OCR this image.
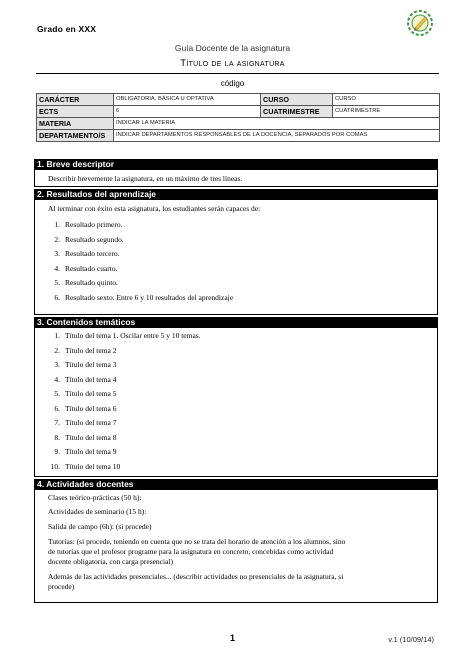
Grado en XXX
Guía Docente de la asignatura
Título de la asignatura
código
CARÁCTER	OBLIGATORIA, BÁSICA U OPTATIVA	CURSO	CURSO
ECTS	6	CUATRIMESTRE	CUATRIMESTRE
MATERIA	INDICAR LA MATERIA		
DEPARTAMENTO/S	INDICAR DEPARTAMENTOS RESPONSABLES DE LA DOCENCIA, SEPARADOS POR COMAS		
1. Breve descriptor
Describir brevemente la asignatura, en un máximo de tres líneas.
2. Resultados del aprendizaje
Al terminar con éxito esta asignatura, los estudiantes serán capaces de:
1. Resultado primero.
2. Resultado segundo.
3. Resultado tercero.
4. Resultado cuarto.
5. Resultado quinto.
6. Resultado sexto. Entre 6 y 10 resultados del aprendizaje
3. Contenidos temáticos
1. Título del tema 1. Oscilar entre 5 y 10 temas.
2. Título del tema 2
3. Título del tema 3
4. Título del tema 4
5. Título del tema 5
6. Título del tema 6
7. Título del tema 7
8. Título del tema 8
9. Título del tema 9
10. Título del tema 10
4. Actividades docentes
Clases teórico-prácticas (50 h):
Actividades de seminario (15 h):
Salida de campo (6h): (si procede)
Tutorías: (si procede, teniendo en cuenta que no se trata del horario de atención a los alumnos, sino
de tutorías que el profesor programe para la asignatura en concreto, concebidas como actividad
docente obligatoria, con carga presencial)
Además de las actividades presenciales... (describir actividades no presenciales de la asignatura, si
procede)
1	v.1 (10/09/14)
